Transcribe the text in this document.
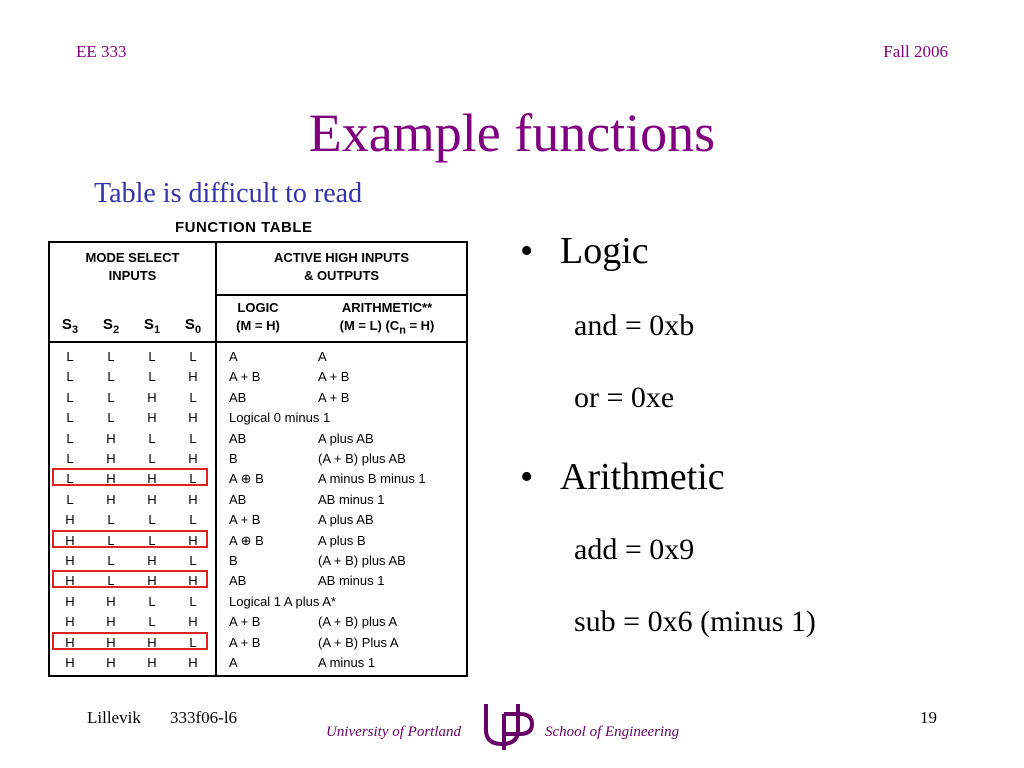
EE 333	Fall 2006
Example functions
Table is difficult to read
FUNCTION TABLE
MODE SELECT
INPUTS
ACTIVE HIGH INPUTS
& OUTPUTS
LOGIC
(M = H)
ARITHMETIC**
(M = L) $(C_n = H)$
$S_3$	$S_2$	$S_1$	$S_0$
L	L	L	L	A	A
L	L	L	H	A + B	A + B
L	L	H	L	AB	A + B
L	L	H	H	Logical 0 minus 1
L	H	L	L	AB	A plus AB
L	H	L	H	B	(A + B) plus AB
L	H	H	L	A ⊕ B	A minus B minus 1
L	H	H	H	AB	AB minus 1
H	L	L	L	A + B	A plus AB
H	L	L	H	A ⊕ B	A plus B
H	L	H	L	B	(A + B) plus AB
H	L	H	H	AB	AB minus 1
H	H	L	L	Logical 1 A plus A*
H	H	L	H	A + B	(A + B) plus A
H	H	H	L	A + B	(A + B) Plus A
H	H	H	H	A	A minus 1
• Logic
and = 0xb
or = 0xe
• Arithmetic
add = 0x9
sub = 0x6 (minus 1)
Lillevik 333f06-l6	19
University of Portland	School of Engineering
